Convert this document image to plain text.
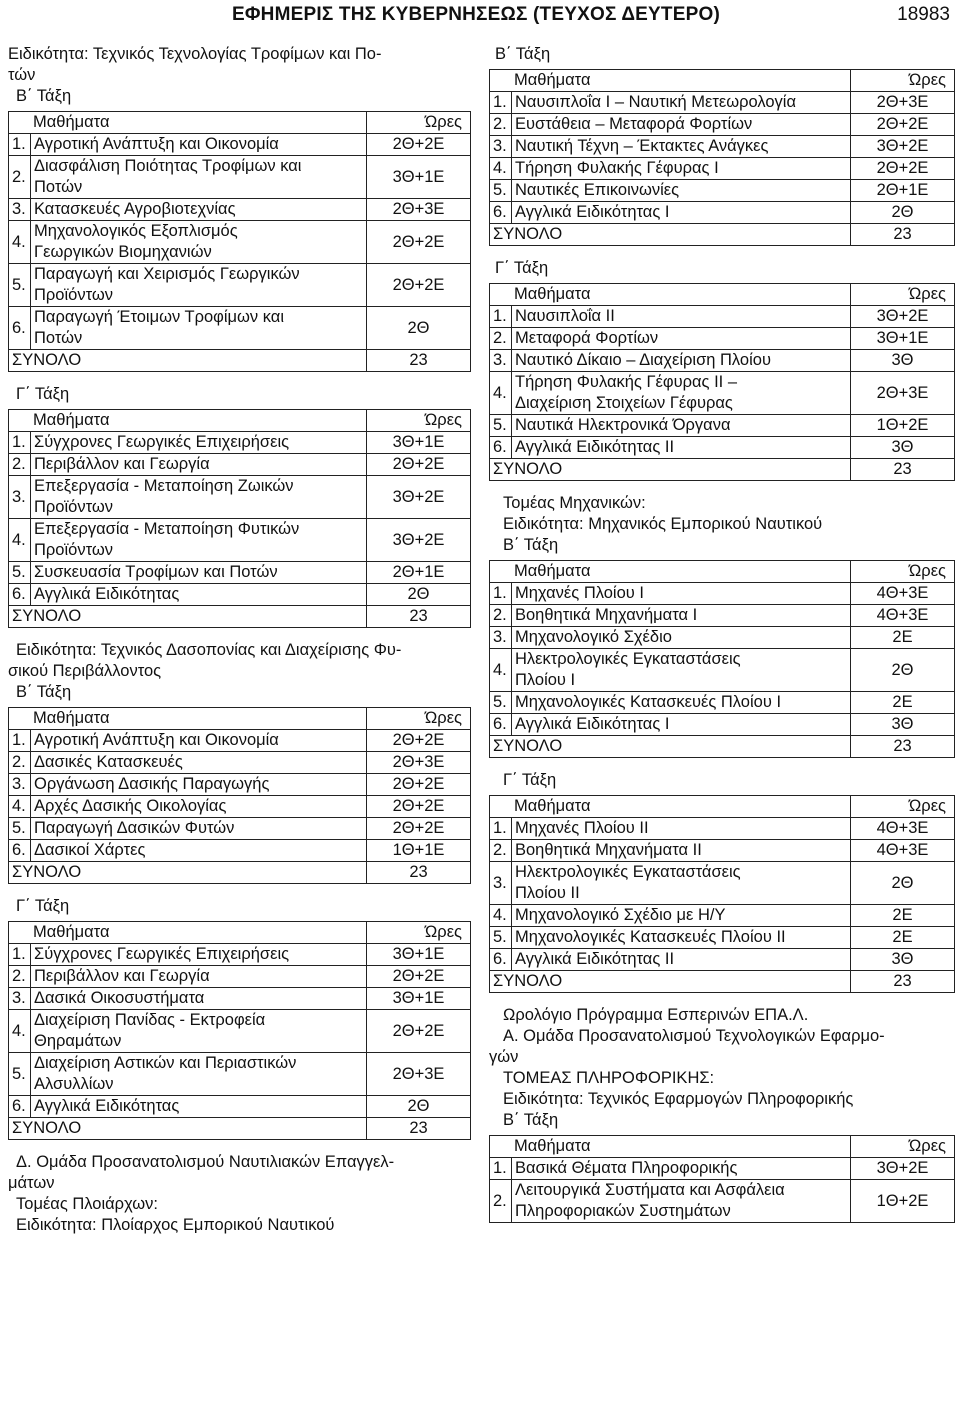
ΕΦΗΜΕΡΙΣ ΤΗΣ ΚΥΒΕΡΝΗΣΕΩΣ (ΤΕΥΧΟΣ ΔΕΥΤΕΡΟ)	18983

Ειδικότητα: Τεχνικός Τεχνολογίας Τροφίμων και Πο-

τών

Β΄ Τάξη

Μαθήματα		Ώρες
1.	Αγροτική Ανάπτυξη και Οικονομία	2Θ+2Ε
2.	Διασφάλιση Ποιότητας Τροφίμων και
Ποτών	3Θ+1Ε
3.	Κατασκευές Αγροβιοτεχνίας	2Θ+3Ε
4.	Μηχανολογικός Εξοπλισμός
Γεωργικών Βιομηχανιών	2Θ+2Ε
5.	Παραγωγή και Χειρισμός Γεωργικών
Προϊόντων	2Θ+2Ε
6.	Παραγωγή Έτοιμων Τροφίμων και
Ποτών	2Θ
ΣΥΝΟΛΟ		23

Γ΄ Τάξη

Μαθήματα		Ώρες
1.	Σύγχρονες Γεωργικές Επιχειρήσεις	3Θ+1Ε
2.	Περιβάλλον και Γεωργία	2Θ+2Ε
3.	Επεξεργασία - Μεταποίηση Ζωικών
Προϊόντων	3Θ+2Ε
4.	Επεξεργασία - Μεταποίηση Φυτικών
Προϊόντων	3Θ+2Ε
5.	Συσκευασία Τροφίμων και Ποτών	2Θ+1Ε
6.	Αγγλικά Ειδικότητας	2Θ
ΣΥΝΟΛΟ		23

Ειδικότητα: Τεχνικός Δασοπονίας και Διαχείρισης Φυ-

σικού Περιβάλλοντος

Β΄ Τάξη

Μαθήματα		Ώρες
1.	Αγροτική Ανάπτυξη και Οικονομία	2Θ+2Ε
2.	Δασικές Κατασκευές	2Θ+3Ε
3.	Οργάνωση Δασικής Παραγωγής	2Θ+2Ε
4.	Αρχές Δασικής Οικολογίας	2Θ+2Ε
5.	Παραγωγή Δασικών Φυτών	2Θ+2Ε
6.	Δασικοί Χάρτες	1Θ+1Ε
ΣΥΝΟΛΟ		23

Γ΄ Τάξη

Μαθήματα		Ώρες
1.	Σύγχρονες Γεωργικές Επιχειρήσεις	3Θ+1Ε
2.	Περιβάλλον και Γεωργία	2Θ+2Ε
3.	Δασικά Οικοσυστήματα	3Θ+1Ε
4.	Διαχείριση Πανίδας - Εκτροφεία
Θηραμάτων	2Θ+2Ε
5.	Διαχείριση Αστικών και Περιαστικών
Αλσυλλίων	2Θ+3Ε
6.	Αγγλικά Ειδικότητας	2Θ
ΣΥΝΟΛΟ		23

Δ. Ομάδα Προσανατολισμού Ναυτιλιακών Επαγγελ-

μάτων

Τομέας Πλοιάρχων:

Ειδικότητα: Πλοίαρχος Εμπορικού Ναυτικού

Β΄ Τάξη

Μαθήματα		Ώρες
1.	Ναυσιπλοΐα Ι – Ναυτική Μετεωρολογία	2Θ+3Ε
2.	Ευστάθεια – Μεταφορά Φορτίων	2Θ+2Ε
3.	Ναυτική Τέχνη – Έκτακτες Ανάγκες	3Θ+2Ε
4.	Τήρηση Φυλακής Γέφυρας Ι	2Θ+2Ε
5.	Ναυτικές Επικοινωνίες	2Θ+1Ε
6.	Αγγλικά Ειδικότητας Ι	2Θ
ΣΥΝΟΛΟ		23

Γ΄ Τάξη

Μαθήματα		Ώρες
1.	Ναυσιπλοΐα ΙΙ	3Θ+2Ε
2.	Μεταφορά Φορτίων	3Θ+1Ε
3.	Ναυτικό Δίκαιο – Διαχείριση Πλοίου	3Θ
4.	Τήρηση Φυλακής Γέφυρας ΙΙ –
Διαχείριση Στοιχείων Γέφυρας	2Θ+3Ε
5.	Ναυτικά Ηλεκτρονικά Όργανα	1Θ+2Ε
6.	Αγγλικά Ειδικότητας ΙΙ	3Θ
ΣΥΝΟΛΟ		23

Τομέας Μηχανικών:

Ειδικότητα: Μηχανικός Εμπορικού Ναυτικού

Β΄ Τάξη

Μαθήματα		Ώρες
1.	Μηχανές Πλοίου Ι	4Θ+3Ε
2.	Βοηθητικά Μηχανήματα Ι	4Θ+3Ε
3.	Μηχανολογικό Σχέδιο	2Ε
4.	Ηλεκτρολογικές Εγκαταστάσεις
Πλοίου Ι	2Θ
5.	Μηχανολογικές Κατασκευές Πλοίου Ι	2Ε
6.	Αγγλικά Ειδικότητας Ι	3Θ
ΣΥΝΟΛΟ		23

Γ΄ Τάξη

Μαθήματα		Ώρες
1.	Μηχανές Πλοίου ΙΙ	4Θ+3Ε
2.	Βοηθητικά Μηχανήματα ΙΙ	4Θ+3Ε
3.	Ηλεκτρολογικές Εγκαταστάσεις
Πλοίου ΙΙ	2Θ
4.	Μηχανολογικό Σχέδιο με Η/Υ	2Ε
5.	Μηχανολογικές Κατασκευές Πλοίου ΙΙ	2Ε
6.	Αγγλικά Ειδικότητας ΙΙ	3Θ
ΣΥΝΟΛΟ		23

Ωρολόγιο Πρόγραμμα Εσπερινών ΕΠΑ.Λ.

Α. Ομάδα Προσανατολισμού Τεχνολογικών Εφαρμο-

γών

ΤΟΜΕΑΣ ΠΛΗΡΟΦΟΡΙΚΗΣ:

Ειδικότητα: Τεχνικός Εφαρμογών Πληροφορικής

Β΄ Τάξη

Μαθήματα		Ώρες
1.	Βασικά Θέματα Πληροφορικής	3Θ+2Ε
2.	Λειτουργικά Συστήματα και Ασφάλεια
Πληροφοριακών Συστημάτων	1Θ+2Ε
